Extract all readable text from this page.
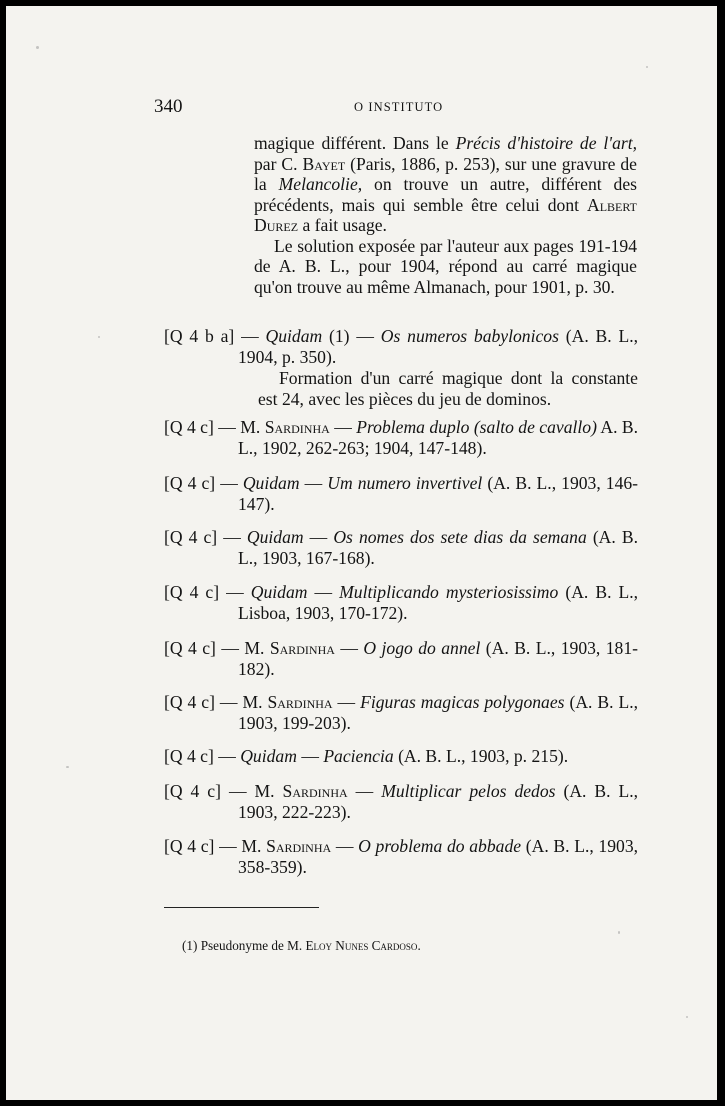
340	O INSTITUTO

magique différent. Dans le Précis d'histoire de l'art, par C. Bayet (Paris, 1886, p. 253), sur une gravure de la Melancolie, on trouve un autre, différent des précédents, mais qui semble être celui dont Albert Durez a fait usage.

Le solution exposée par l'auteur aux pages 191-194 de A. B. L., pour 1904, répond au carré magique qu'on trouve au même Almanach, pour 1901, p. 30.

[Q 4 b a] — Quidam (1) — Os numeros babylonicos (A. B. L., 1904, p. 350).

Formation d'un carré magique dont la constante est 24, avec les pièces du jeu de dominos.

[Q 4 c] — M. Sardinha — Problema duplo (salto de cavallo) A. B. L., 1902, 262-263; 1904, 147-148).

[Q 4 c] — Quidam — Um numero invertivel (A. B. L., 1903, 146-147).

[Q 4 c] — Quidam — Os nomes dos sete dias da semana (A. B. L., 1903, 167-168).

[Q 4 c] — Quidam — Multiplicando mysteriosissimo (A. B. L., Lisboa, 1903, 170-172).

[Q 4 c] — M. Sardinha — O jogo do annel (A. B. L., 1903, 181-182).

[Q 4 c] — M. Sardinha — Figuras magicas polygonaes (A. B. L., 1903, 199-203).

[Q 4 c] — Quidam — Paciencia (A. B. L., 1903, p. 215).

[Q 4 c] — M. Sardinha — Multiplicar pelos dedos (A. B. L., 1903, 222-223).

[Q 4 c] — M. Sardinha — O problema do abbade (A. B. L., 1903, 358-359).

(1) Pseudonyme de M. Eloy Nunes Cardoso.
